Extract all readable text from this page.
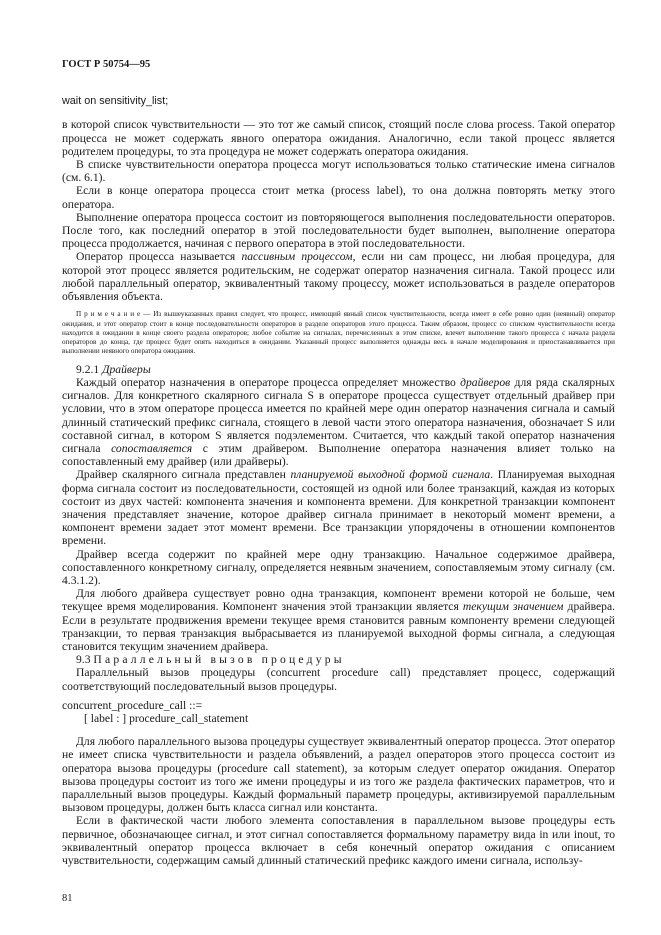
ГОСТ Р 50754—95
wait on sensitivity_list;

в которой список чувствительности — это тот же самый список, стоящий после слова process. Такой оператор процесса не может содержать явного оператора ожидания. Аналогично, если такой процесс является родителем процедуры, то эта процедура не может содержать оператора ожидания.

В списке чувствительности оператора процесса могут использоваться только статические имена сигналов (см. 6.1).

Если в конце оператора процесса стоит метка (process label), то она должна повторять метку этого оператора.

Выполнение оператора процесса состоит из повторяющегося выполнения последовательности операторов. После того, как последний оператор в этой последовательности будет выполнен, выполнение оператора процесса продолжается, начиная с первого оператора в этой последовательности.

Оператор процесса называется пассивным процессом, если ни сам процесс, ни любая процедура, для которой этот процесс является родительским, не содержат оператор назначения сигнала. Такой процесс или любой параллельный оператор, эквивалентный такому процессу, может использоваться в разделе операторов объявления объекта.

П р и м е ч а н и е — Из вышеуказанных правил следует, что процесс, имеющий явный список чувствительности, всегда имеет в себе ровно один (неявный) оператор ожидания, и этот оператор стоит в конце последовательности операторов в разделе операторов этого процесса. Таким образом, процесс со списком чувствительности всегда находится в ожидании в конце своего раздела операторов; любое событие на сигналах, перечисленных в этом списке, влечет выполнение такого процесса с начала раздела операторов до конца, где процесс будет опять находиться в ожидании. Указанный процесс выполняется однажды весь в начале моделирования и приостанавливается при выполнении неявного оператора ожидания.

9.2.1 Драйверы

Каждый оператор назначения в операторе процесса определяет множество драйверов для ряда скалярных сигналов. Для конкретного скалярного сигнала S в операторе процесса существует отдельный драйвер при условии, что в этом операторе процесса имеется по крайней мере один оператор назначения сигнала и самый длинный статический префикс сигнала, стоящего в левой части этого оператора назначения, обозначает S или составной сигнал, в котором S является подэлементом. Считается, что каждый такой оператор назначения сигнала сопоставляется с этим драйвером. Выполнение оператора назначения влияет только на сопоставленный ему драйвер (или драйверы).

Драйвер скалярного сигнала представлен планируемой выходной формой сигнала. Планируемая выходная форма сигнала состоит из последовательности, состоящей из одной или более транзакций, каждая из которых состоит из двух частей: компонента значения и компонента времени. Для конкретной транзакции компонент значения представляет значение, которое драйвер сигнала принимает в некоторый момент времени, а компонент времени задает этот момент времени. Все транзакции упорядочены в отношении компонентов времени.

Драйвер всегда содержит по крайней мере одну транзакцию. Начальное содержимое драйвера, сопоставленного конкретному сигналу, определяется неявным значением, сопоставляемым этому сигналу (см. 4.3.1.2).

Для любого драйвера существует ровно одна транзакция, компонент времени которой не больше, чем текущее время моделирования. Компонент значения этой транзакции является текущим значением драйвера. Если в результате продвижения времени текущее время становится равным компоненту времени следующей транзакции, то первая транзакция выбрасывается из планируемой выходной формы сигнала, а следующая становится текущим значением драйвера.

9.3 Параллельный вызов процедуры

Параллельный вызов процедуры (concurrent procedure call) представляет процесс, содержащий соответствующий последовательный вызов процедуры.

concurrent_procedure_call ::=
[ label : ] procedure_call_statement

Для любого параллельного вызова процедуры существует эквивалентный оператор процесса. Этот оператор не имеет списка чувствительности и раздела объявлений, а раздел операторов этого процесса состоит из оператора вызова процедуры (procedure call statement), за которым следует оператор ожидания. Оператор вызова процедуры состоит из того же имени процедуры и из того же раздела фактических параметров, что и параллельный вызов процедуры. Каждый формальный параметр процедуры, активизируемой параллельным вызовом процедуры, должен быть класса сигнал или константа.

Если в фактической части любого элемента сопоставления в параллельном вызове процедуры есть первичное, обозначающее сигнал, и этот сигнал сопоставляется формальному параметру вида in или inout, то эквивалентный оператор процесса включает в себя конечный оператор ожидания с описанием чувствительности, содержащим самый длинный статический префикс каждого имени сигнала, использу-

81
